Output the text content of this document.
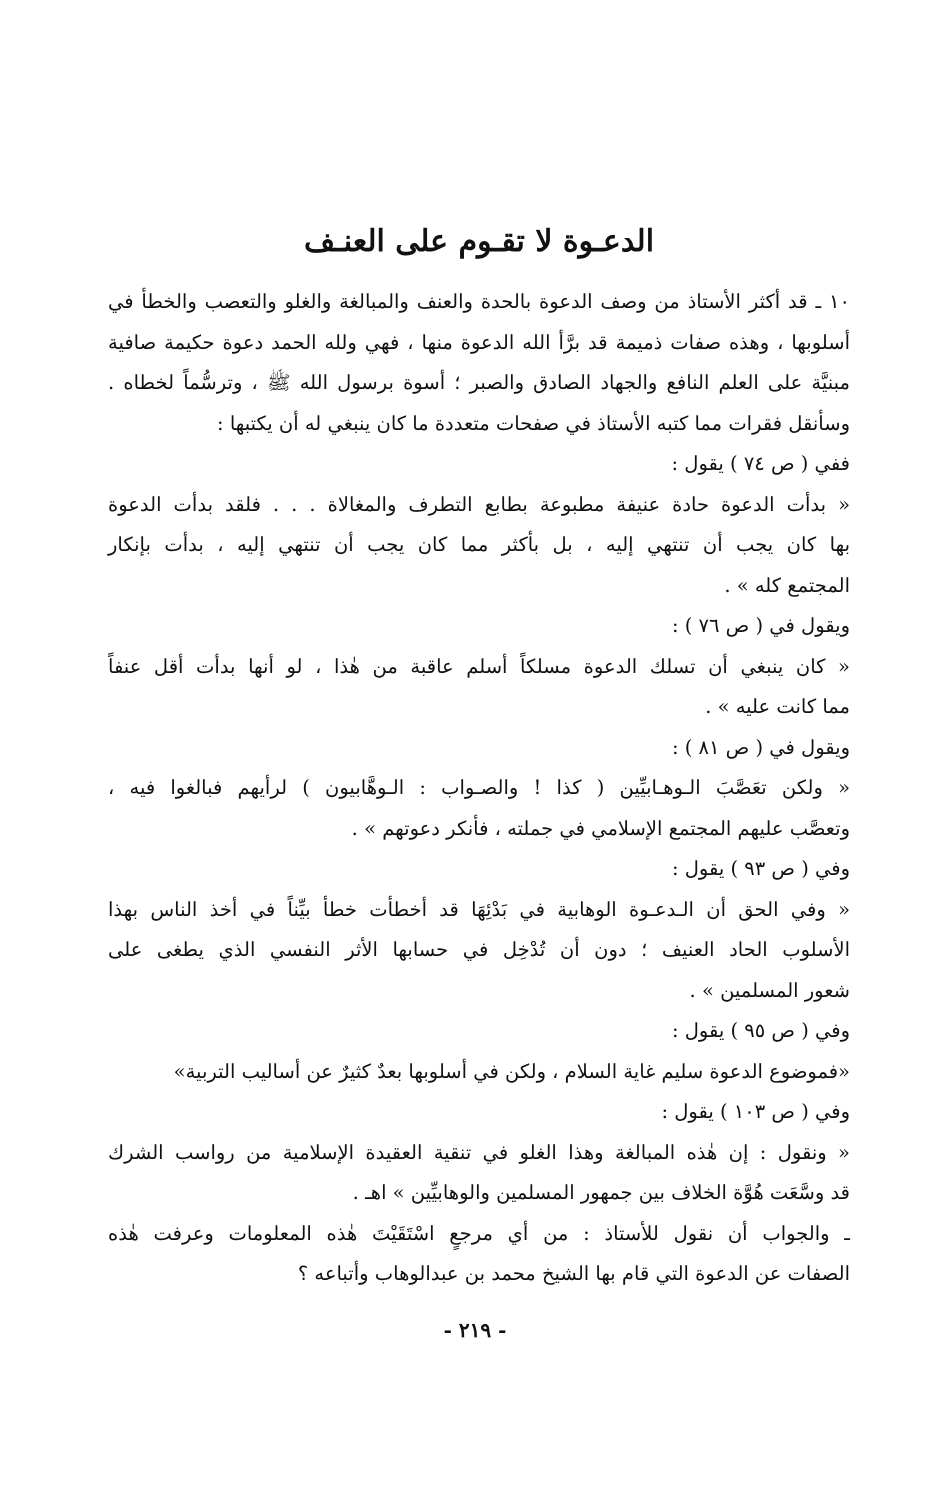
الدعـوة لا تقـوم على العنـف
١٠ ـ قد أكثر الأستاذ من وصف الدعوة بالحدة والعنف والمبالغة والغلو والتعصب والخطأ في
أسلوبها ، وهذه صفات ذميمة قد برَّأ الله الدعوة منها ، فهي ولله الحمد دعوة حكيمة صافية
مبنيَّة على العلم النافع والجهاد الصادق والصبر ؛ أسوة برسول الله ﷺ ، وترسُّماً لخطاه .
وسأنقل فقرات مما كتبه الأستاذ في صفحات متعددة ما كان ينبغي له أن يكتبها :
ففي ( ص ٧٤ ) يقول :
« بدأت الدعوة حادة عنيفة مطبوعة بطابع التطرف والمغالاة . . . فلقد بدأت الدعوة
بها كان يجب أن تنتهي إليه ، بل بأكثر مما كان يجب أن تنتهي إليه ، بدأت بإنكار
المجتمع كله » .
ويقول في ( ص ٧٦ ) :
« كان ينبغي أن تسلك الدعوة مسلكاً أسلم عاقبة من هٰذا ، لو أنها بدأت أقل عنفاً
مما كانت عليه » .
ويقول في ( ص ٨١ ) :
« ولكن تعَصَّبَ الـوهـابيِّين ( كذا ! والصـواب : الـوهَّابيون ) لرأيهم فبالغوا فيه ،
وتعصَّب عليهم المجتمع الإسلامي في جملته ، فأنكر دعوتهم » .
وفي ( ص ٩٣ ) يقول :
« وفي الحق أن الـدعـوة الوهابية في بَدْئِهَا قد أخطأت خطأ بيِّناً في أخذ الناس بهذا
الأسلوب الحاد العنيف ؛ دون أن تُدْخِل في حسابها الأثر النفسي الذي يطغى على
شعور المسلمين » .
وفي ( ص ٩٥ ) يقول :
«فموضوع الدعوة سليم غاية السلام ، ولكن في أسلوبها بعدٌ كثيرٌ عن أساليب التربية»
وفي ( ص ١٠٣ ) يقول :
« ونقول : إن هٰذه المبالغة وهذا الغلو في تنقية العقيدة الإسلامية من رواسب الشرك
قد وسَّعَت هُوَّة الخلاف بين جمهور المسلمين والوهابيِّين » اهـ .
ـ والجواب أن نقول للأستاذ : من أي مرجعٍ اسْتَقَيْتَ هٰذه المعلومات وعرفت هٰذه
الصفات عن الدعوة التي قام بها الشيخ محمد بن عبدالوهاب وأتباعه ؟
- ٢١٩ -
